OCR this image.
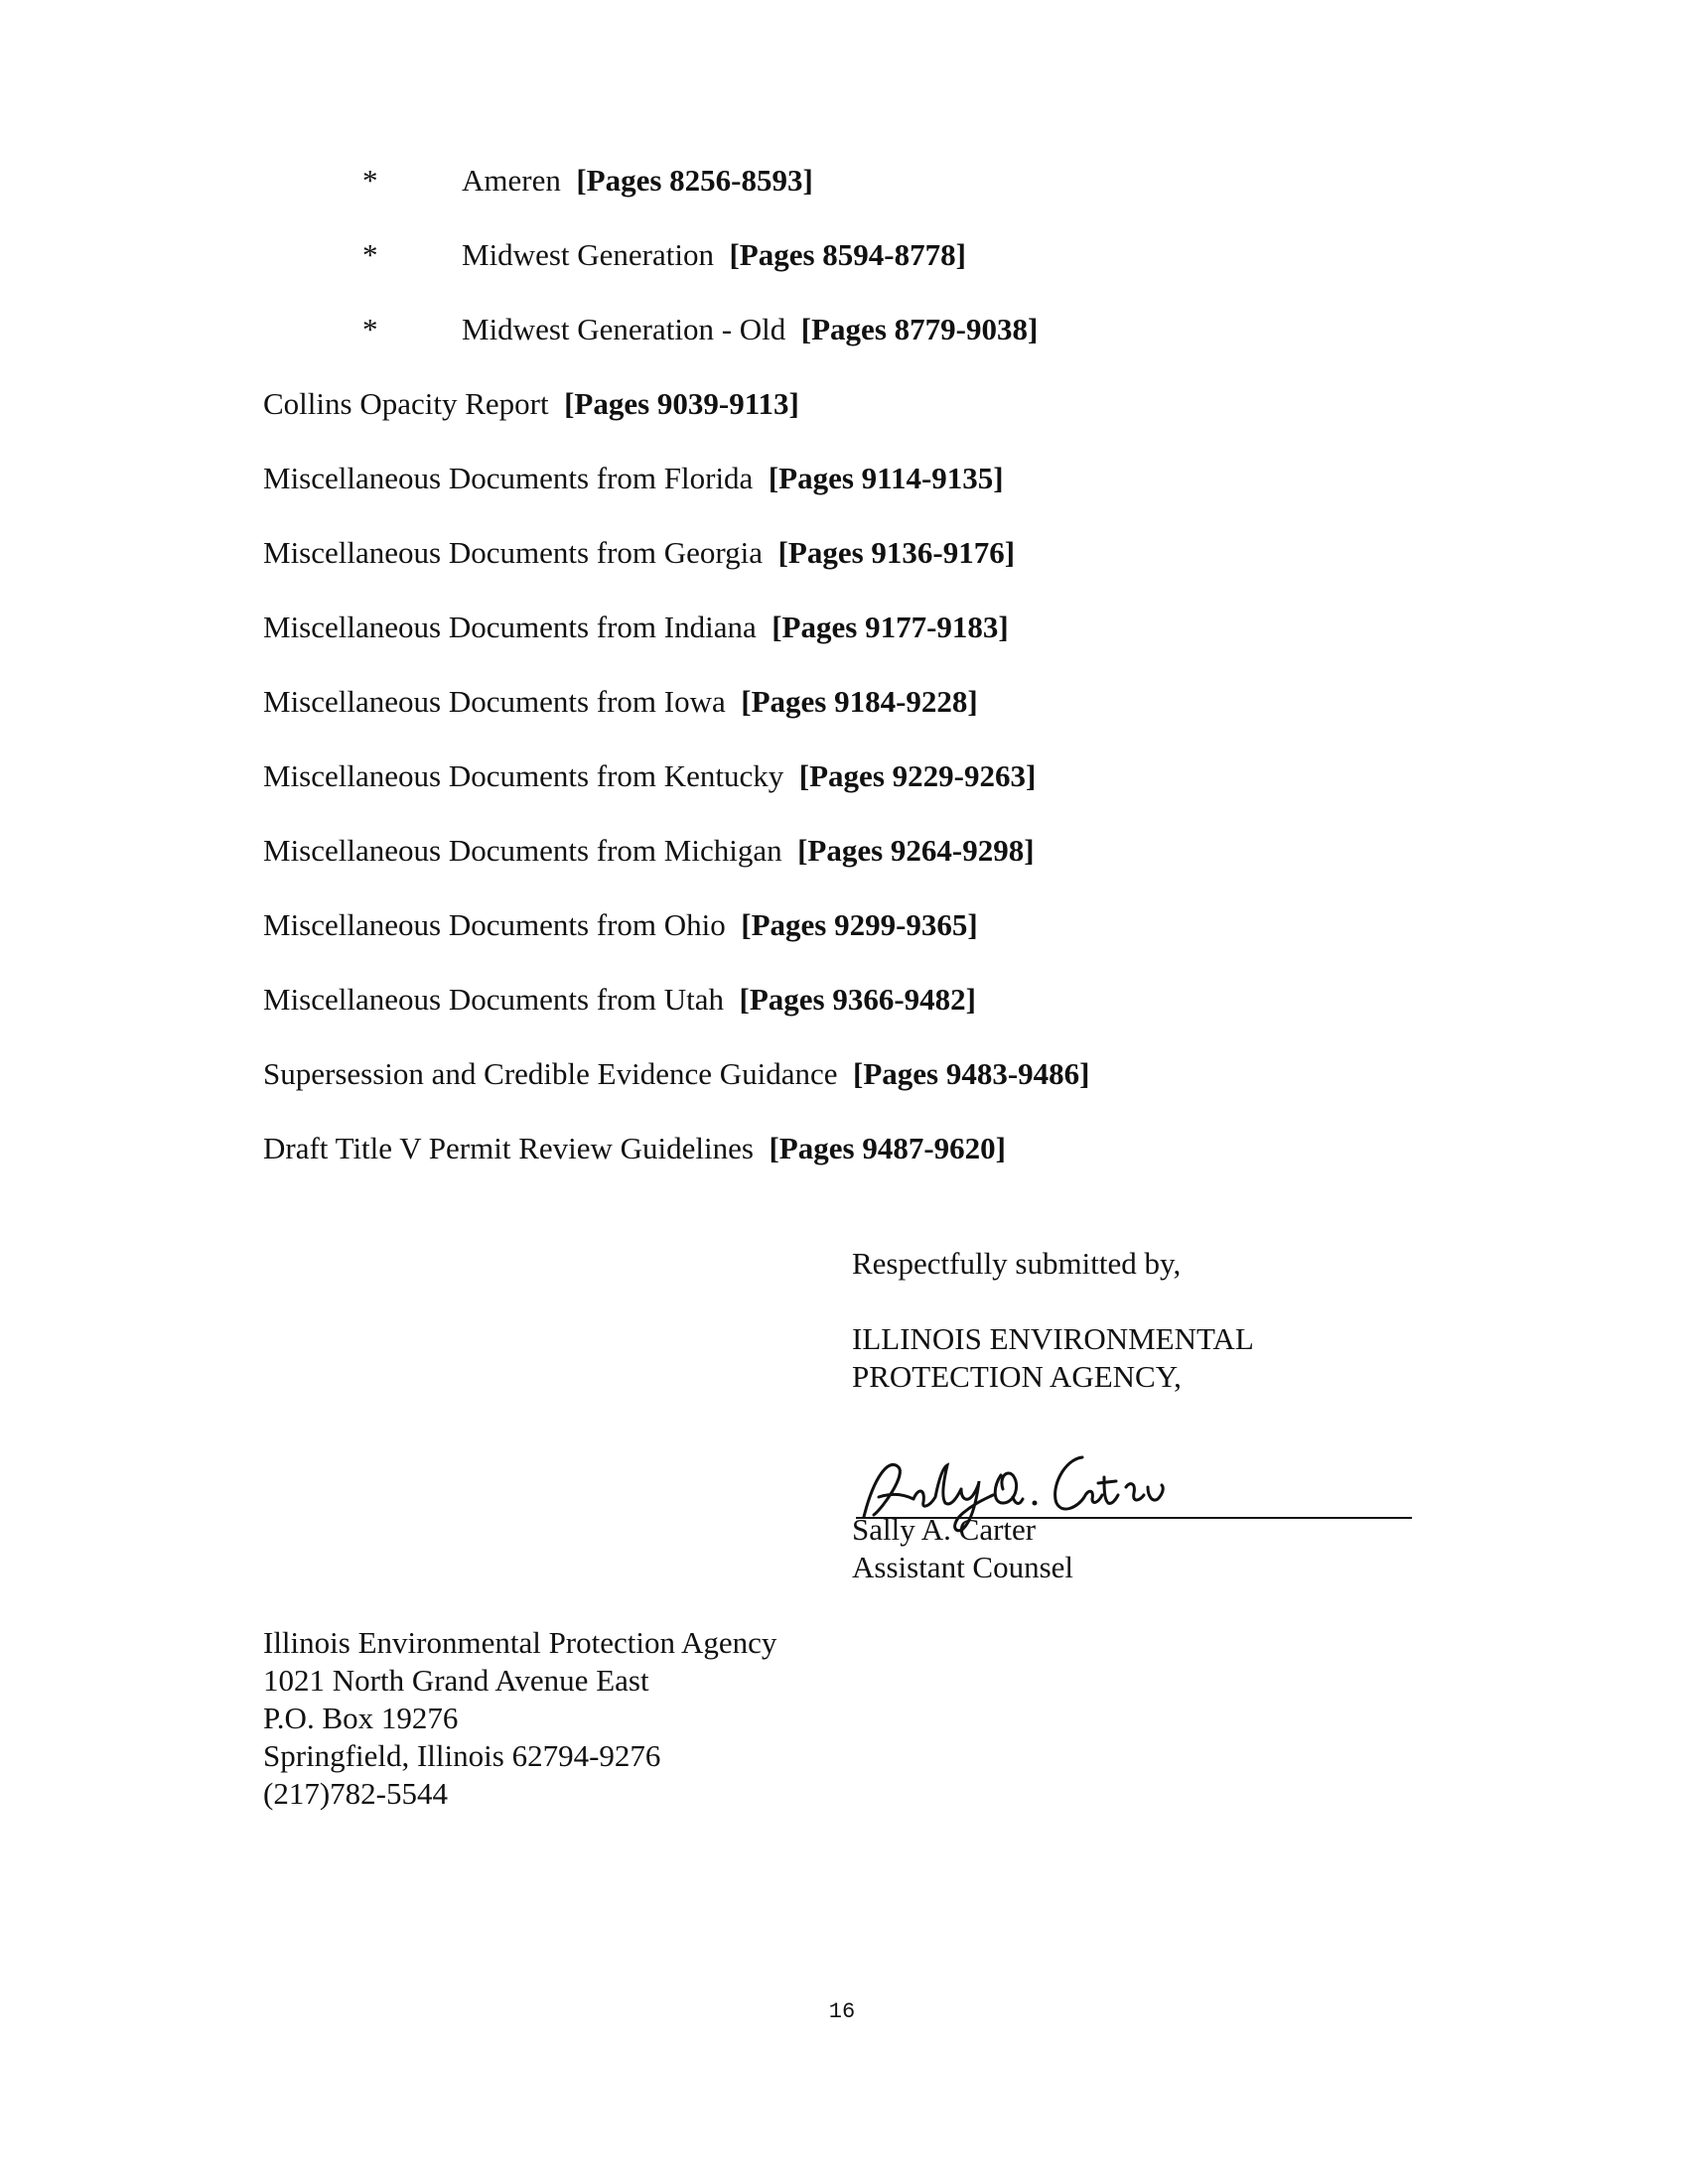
*	Ameren [Pages 8256-8593]
*	Midwest Generation [Pages 8594-8778]
*	Midwest Generation - Old [Pages 8779-9038]
Collins Opacity Report [Pages 9039-9113]
Miscellaneous Documents from Florida [Pages 9114-9135]
Miscellaneous Documents from Georgia [Pages 9136-9176]
Miscellaneous Documents from Indiana [Pages 9177-9183]
Miscellaneous Documents from Iowa [Pages 9184-9228]
Miscellaneous Documents from Kentucky [Pages 9229-9263]
Miscellaneous Documents from Michigan [Pages 9264-9298]
Miscellaneous Documents from Ohio [Pages 9299-9365]
Miscellaneous Documents from Utah [Pages 9366-9482]
Supersession and Credible Evidence Guidance [Pages 9483-9486]
Draft Title V Permit Review Guidelines [Pages 9487-9620]
Respectfully submitted by,
ILLINOIS ENVIRONMENTAL
PROTECTION AGENCY,
Sally A. Carter
Assistant Counsel
Illinois Environmental Protection Agency
1021 North Grand Avenue East
P.O. Box 19276
Springfield, Illinois 62794-9276
(217)782-5544
16
